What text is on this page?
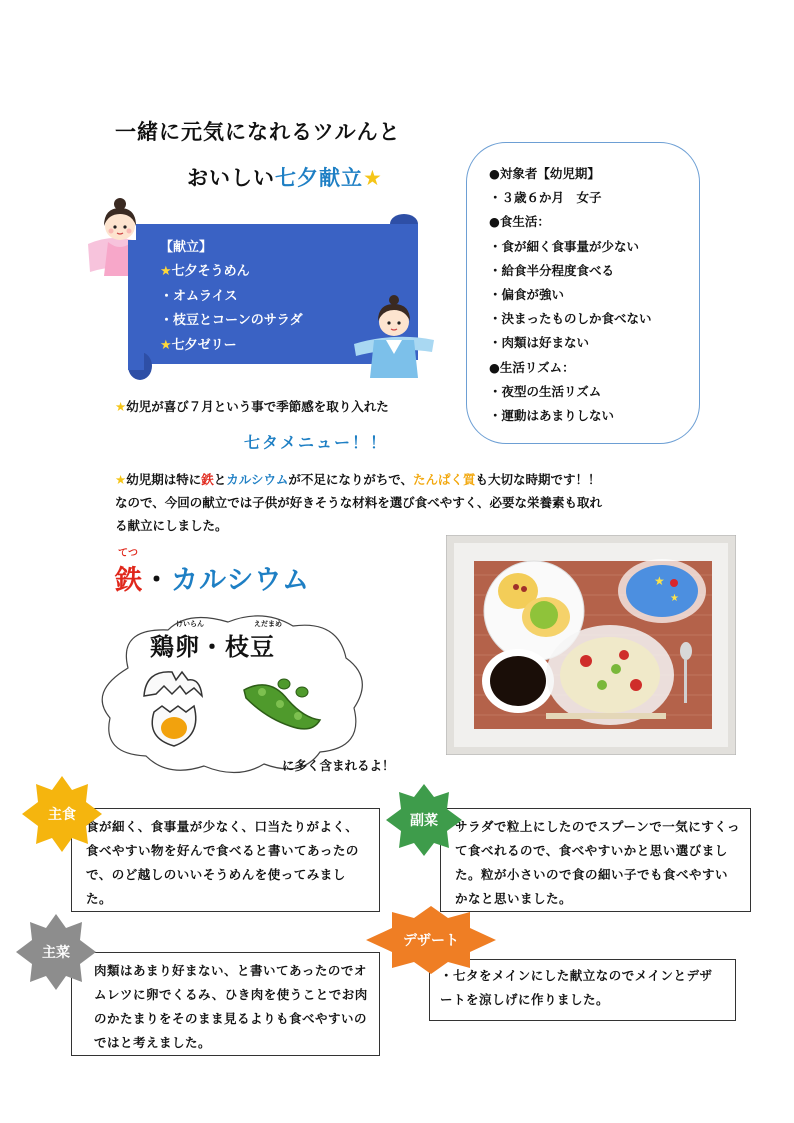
一緒に元気になれるツルんと
おいしい七夕献立★
【献立】
★七夕そうめん
・オムライス
・枝豆とコーンのサラダ
★七夕ゼリー
●対象者【幼児期】
・３歳６か月　女子
●食生活：
・食が細く食事量が少ない
・給食半分程度食べる
・偏食が強い
・決まったものしか食べない
・肉類は好まない
●生活リズム：
・夜型の生活リズム
・運動はあまりしない
★幼児が喜び７月という事で季節感を取り入れた
七タメニュー！！
★幼児期は特に鉄とカルシウムが不足になりがちで、たんぱく質も大切な時期です！！
なので、今回の献立では子供が好きそうな材料を選び食べやすく、必要な栄養素も取れ
る献立にしました。
てつ
鉄・カルシウム
けいらん	えだまめ
鶏卵・枝豆
に多く含まれるよ！
★
★
食が細く、食事量が少なく、口当たりがよく、食べやすい物を好んで食べると書いてあったので、のど越しのいいそうめんを使ってみました。
主食
サラダで粒上にしたのでスプーンで一気にすくって食べれるので、食べやすいかと思い選びました。粒が小さいので食の細い子でも食べやすいかなと思いました。
副菜
肉類はあまり好まない、と書いてあったのでオムレツに卵でくるみ、ひき肉を使うことでお肉のかたまりをそのまま見るよりも食べやすいのではと考えました。
主菜
・七タをメインにした献立なのでメインとデザートを涼しげに作りました。
デザート
